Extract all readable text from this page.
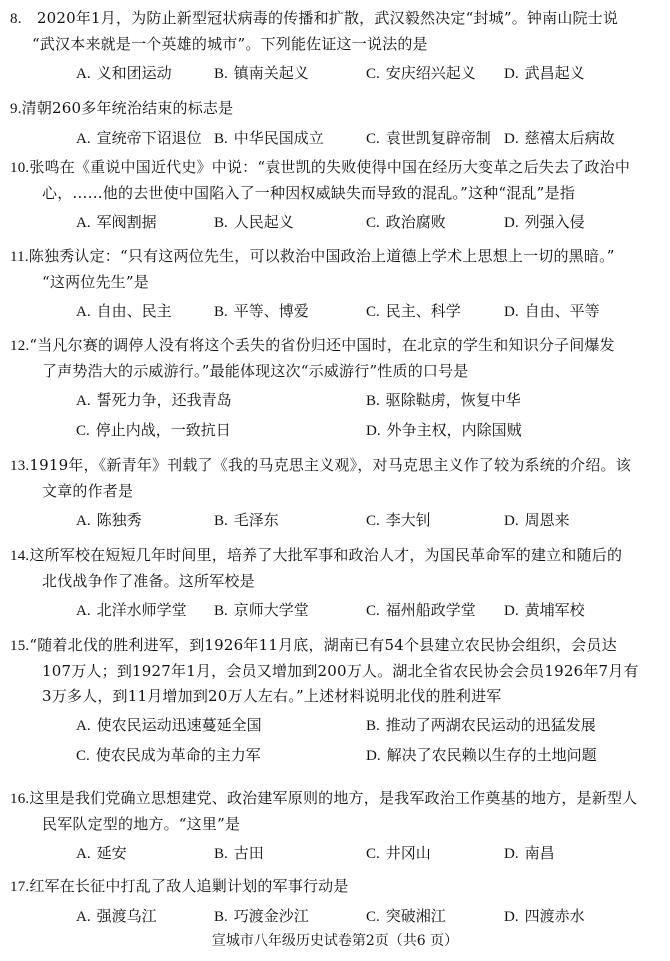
8.　2020年1月，为防止新型冠状病毒的传播和扩散，武汉毅然决定“封城”。钟南山院士说
“武汉本来就是一个英雄的城市”。下列能佐证这一说法的是
A. 义和团运动	B. 镇南关起义	C. 安庆绍兴起义 D. 武昌起义
9.清朝260多年统治结束的标志是
A. 宣统帝下诏退位 B. 中华民国成立	C. 袁世凯复辟帝制 D. 慈禧太后病故
10.张鸣在《重说中国近代史》中说：“袁世凯的失败使得中国在经历大变革之后失去了政治中
心，……他的去世使中国陷入了一种因权威缺失而导致的混乱。”这种“混乱”是指
A. 军阀割据	B. 人民起义	C. 政治腐败	D. 列强入侵
11.陈独秀认定：“只有这两位先生，可以救治中国政治上道德上学术上思想上一切的黑暗。”
“这两位先生”是
A. 自由、民主	B. 平等、博爱	C. 民主、科学	D. 自由、平等
12.“当凡尔赛的调停人没有将这个丢失的省份归还中国时，在北京的学生和知识分子间爆发
了声势浩大的示威游行。”最能体现这次“示威游行”性质的口号是
A. 誓死力争，还我青岛	B. 驱除鞑虏，恢复中华
C. 停止内战，一致抗日	D. 外争主权，内除国贼
13.1919年，《新青年》刊载了《我的马克思主义观》，对马克思主义作了较为系统的介绍。该
文章的作者是
A. 陈独秀	B. 毛泽东	C. 李大钊	D. 周恩来
14.这所军校在短短几年时间里，培养了大批军事和政治人才，为国民革命军的建立和随后的
北伐战争作了准备。这所军校是
A. 北洋水师学堂 B. 京师大学堂	C. 福州船政学堂 D. 黄埔军校
15.“随着北伐的胜利进军，到1926年11月底，湖南已有54个县建立农民协会组织，会员达
107万人；到1927年1月，会员又增加到200万人。湖北全省农民协会会员1926年7月有
3万多人，到11月增加到20万人左右。”上述材料说明北伐的胜利进军
A. 使农民运动迅速蔓延全国	B. 推动了两湖农民运动的迅猛发展
C. 使农民成为革命的主力军	D. 解决了农民赖以生存的土地问题
16.这里是我们党确立思想建党、政治建军原则的地方，是我军政治工作奠基的地方，是新型人
民军队定型的地方。“这里”是
A. 延安	B. 古田	C. 井冈山	D. 南昌
17.红军在长征中打乱了敌人追剿计划的军事行动是
A. 强渡乌江	B. 巧渡金沙江	C. 突破湘江	D. 四渡赤水
宣城市八年级历史试卷第2页（共6 页）
